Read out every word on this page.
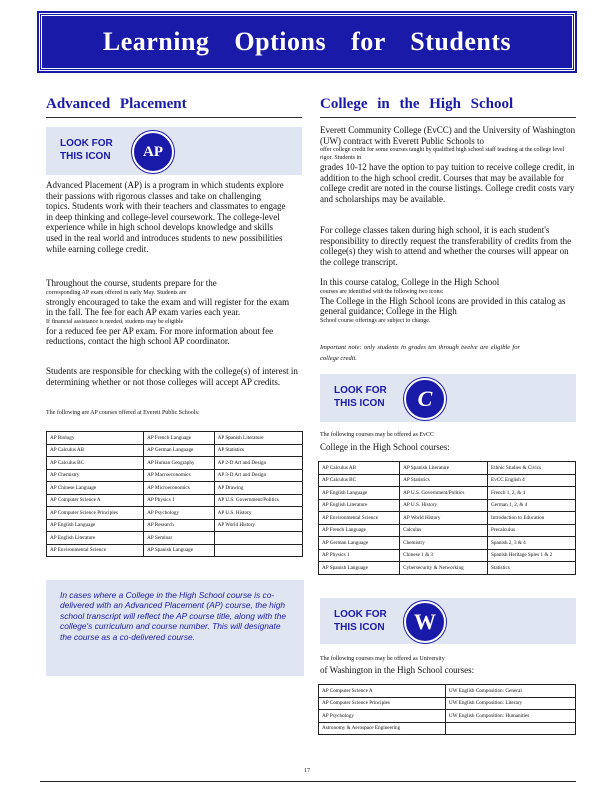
Learning Options for Students
Advanced Placement
LOOK FOR THIS ICON	AP
Advanced Placement (AP) is a program in which students explore their passions with rigorous classes and take on challenging topics. Students work with their teachers and classmates to engage in deep thinking and college-level coursework. The college-level experience while in high school develops knowledge and skills used in the real world and introduces students to new possibilities while earning college credit.
Throughout the course, students prepare for the
corresponding AP exam offered in early May. Students are
strongly encouraged to take the exam and will register for the exam in the fall. The fee for each AP exam varies each year.
If financial assistance is needed, students may be eligible
for a reduced fee per AP exam. For more information about fee reductions, contact the high school AP coordinator.
Students are responsible for checking with the college(s) of interest in determining whether or not those colleges will accept AP credits.
The following are AP courses offered at Everett Public Schools:
AP Biology	AP French Language	AP Spanish Literature
AP Calculus AB	AP German Language	AP Statistics
AP Calculus BC	AP Human Geography	AP 2-D Art and Design
AP Chemistry	AP Macroeconomics	AP 3-D Art and Design
AP Chinese Language	AP Microeconomics	AP Drawing
AP Computer Science A	AP Physics 1	AP U.S. Government/Politics
AP Computer Science Principles	AP Psychology	AP U.S. History
AP English Language	AP Research	AP World History
AP English Literature	AP Seminar	
AP Environmental Science	AP Spanish Language	
In cases where a College in the High School course is co-delivered with an Advanced Placement (AP) course, the high school transcript will reflect the AP course title, along with the college's curriculum and course number. This will designate the course as a co-delivered course.
College in the High School
Everett Community College (EvCC) and the University of Washington (UW) contract with Everett Public Schools to
offer college credit for some courses taught by qualified high school staff teaching at the college level rigor. Students in
grades 10-12 have the option to pay tuition to receive college credit, in addition to the high school credit. Courses that may be available for college credit are noted in the course listings. College credit costs vary and scholarships may be available.
For college classes taken during high school, it is each student's responsibility to directly request the transferability of credits from the college(s) they wish to attend and whether the courses will appear on the college transcript.
In this course catalog, College in the High School
courses are identified with the following two icons:
The College in the High School icons are provided in this catalog as general guidance; College in the High
School course offerings are subject to change.
Important note: only students in grades ten through twelve are eligible for college credit.
LOOK FOR THIS ICON	C
The following courses may be offered as EvCC
College in the High School courses:
AP Calculus AB	AP Spanish Literature	Ethnic Studies & Civics
AP Calculus BC	AP Statistics	EvCC English 4
AP English Language	AP U.S. Government/Politics	French 1, 2, & 4
AP English Literature	AP U.S. History	German 1, 2, & 4
AP Environmental Science	AP World History	Introduction to Education
AP French Language	Calculus	Precalculus
AP German Language	Chemistry	Spanish 2, 3 & 4
AP Physics 1	Chinese 1 & 3	Spanish Heritage Sples 1 & 2
AP Spanish Language	Cybersecurity & Networking	Statistics
LOOK FOR THIS ICON	W
The following courses may be offered as University
of Washington in the High School courses:
AP Computer Science A	UW English Composition: General
AP Computer Science Principles	UW English Composition: Literary
AP Psychology	UW English Composition: Humanities
Astronomy & Aerospace Engineering	
17
